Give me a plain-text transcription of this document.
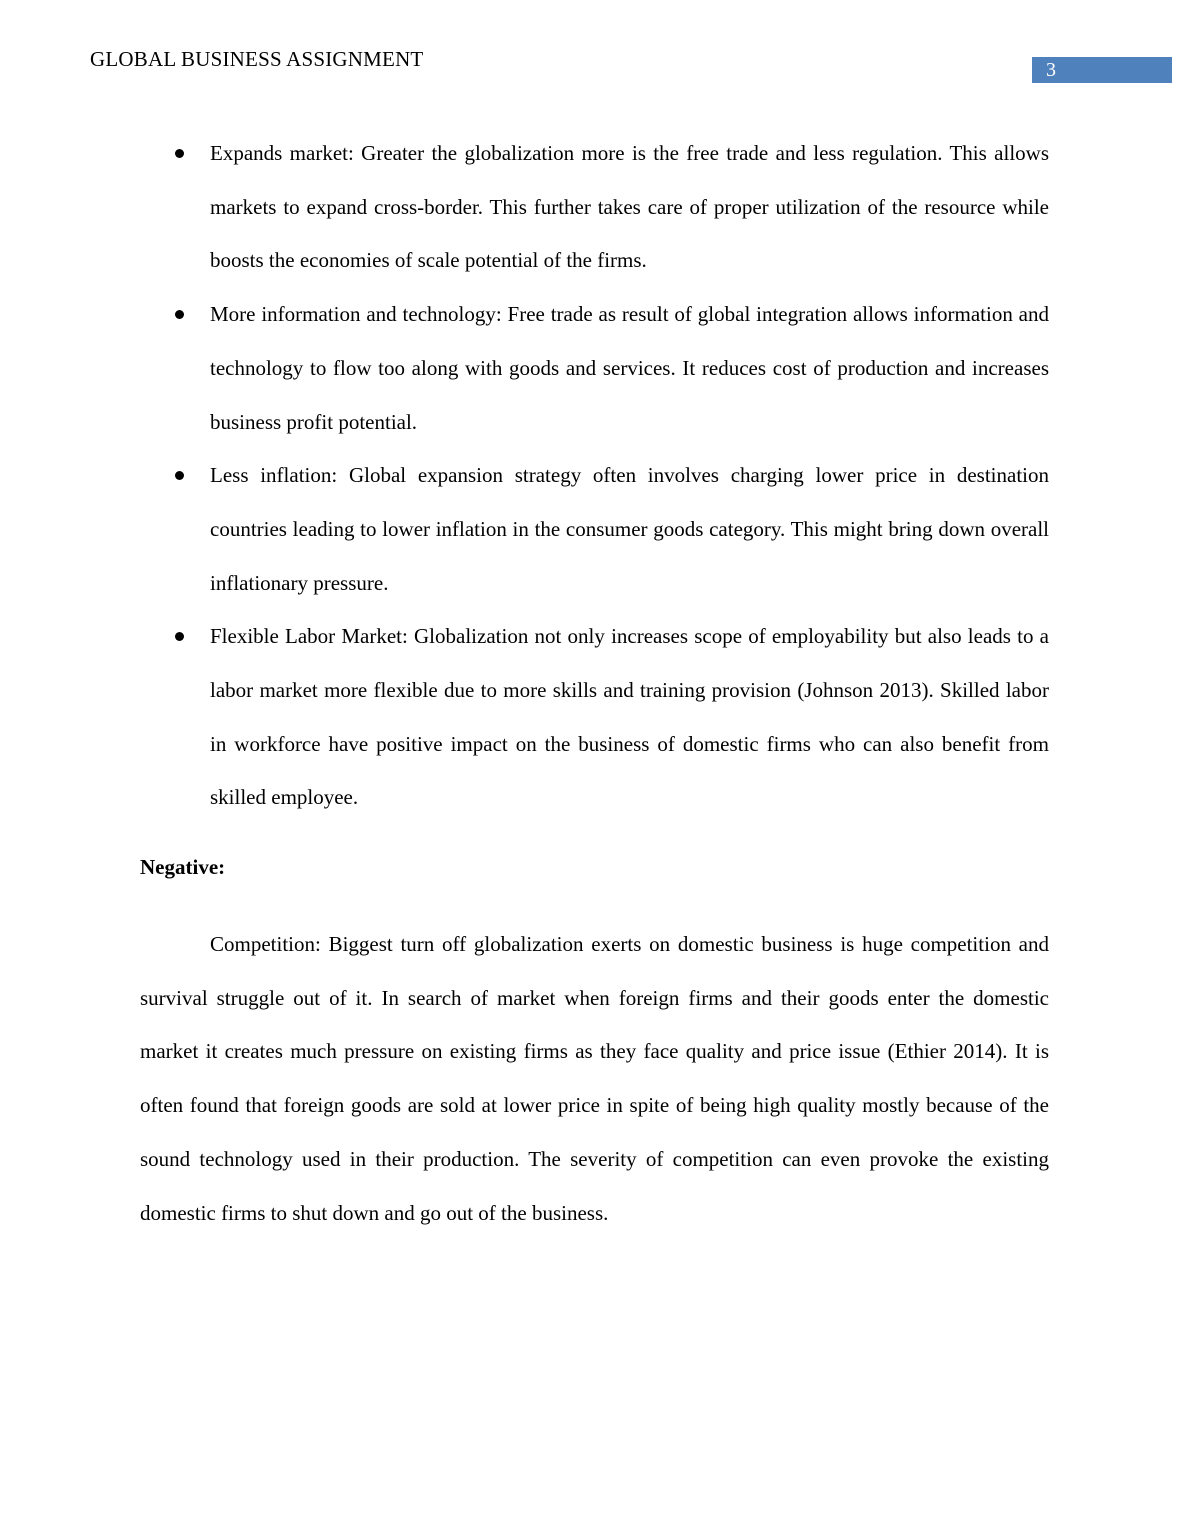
GLOBAL BUSINESS ASSIGNMENT	3
Expands market: Greater the globalization more is the free trade and less regulation. This allows markets to expand cross-border. This further takes care of proper utilization of the resource while boosts the economies of scale potential of the firms.
More information and technology: Free trade as result of global integration allows information and technology to flow too along with goods and services. It reduces cost of production and increases business profit potential.
Less inflation: Global expansion strategy often involves charging lower price in destination countries leading to lower inflation in the consumer goods category. This might bring down overall inflationary pressure.
Flexible Labor Market: Globalization not only increases scope of employability but also leads to a labor market more flexible due to more skills and training provision (Johnson 2013). Skilled labor in workforce have positive impact on the business of domestic firms who can also benefit from skilled employee.
Negative:

Competition: Biggest turn off globalization exerts on domestic business is huge competition and survival struggle out of it. In search of market when foreign firms and their goods enter the domestic market it creates much pressure on existing firms as they face quality and price issue (Ethier 2014). It is often found that foreign goods are sold at lower price in spite of being high quality mostly because of the sound technology used in their production. The severity of competition can even provoke the existing domestic firms to shut down and go out of the business.
